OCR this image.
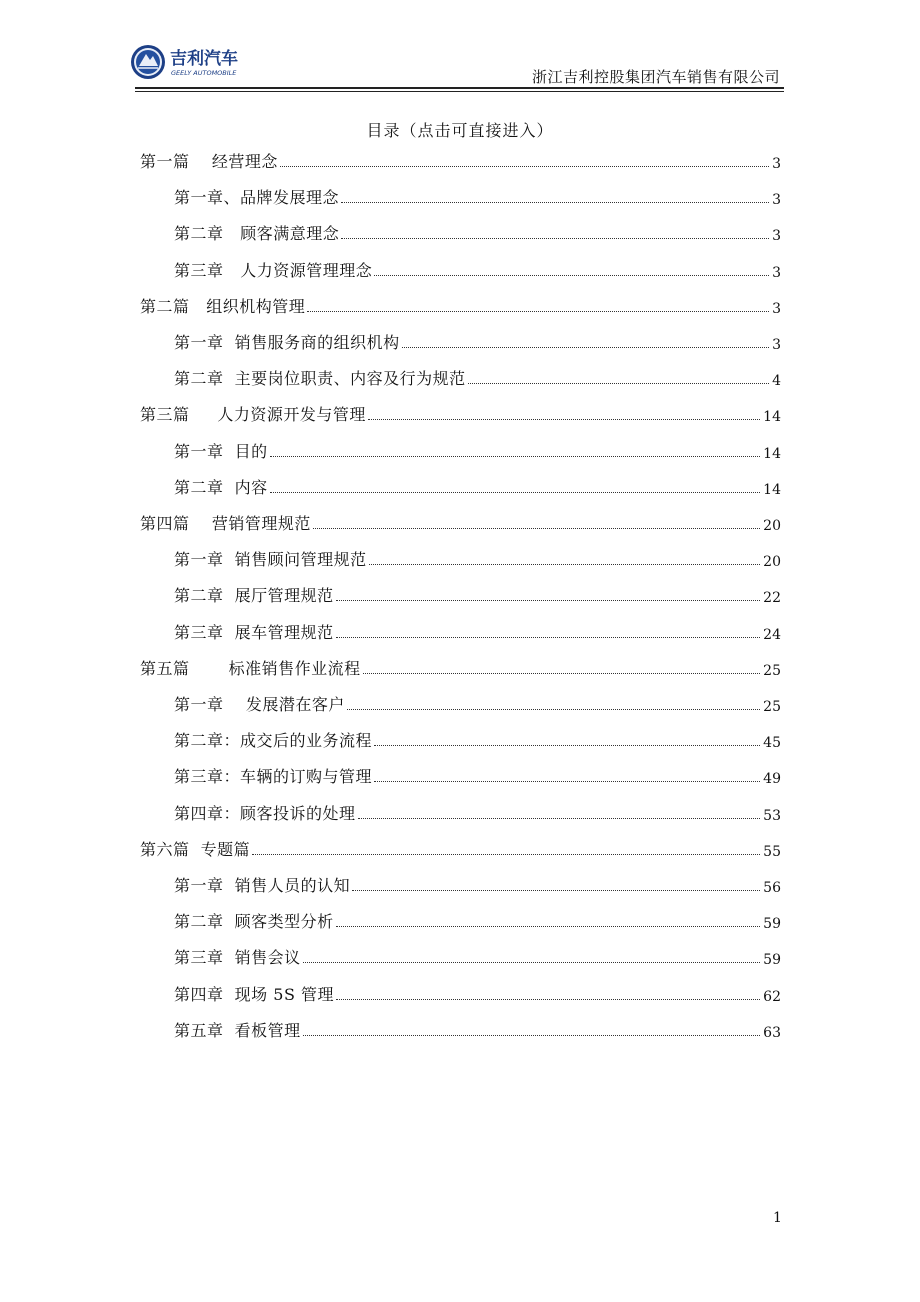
吉利汽车
GEELY AUTOMOBILE	浙江吉利控股集团汽车销售有限公司
目录（点击可直接进入）
第一篇    经营理念	3
第一章、品牌发展理念	3
第二章   顾客满意理念	3
第三章   人力资源管理理念	3
第二篇   组织机构管理	3
第一章  销售服务商的组织机构	3
第二章  主要岗位职责、内容及行为规范	4
第三篇     人力资源开发与管理	14
第一章  目的	14
第二章  内容	14
第四篇    营销管理规范	20
第一章  销售顾问管理规范	20
第二章  展厅管理规范	22
第三章  展车管理规范	24
第五篇       标准销售作业流程	25
第一章    发展潜在客户	25
第二章：成交后的业务流程	45
第三章：车辆的订购与管理	49
第四章：顾客投诉的处理	53
第六篇  专题篇	55
第一章  销售人员的认知	56
第二章  顾客类型分析	59
第三章  销售会议	59
第四章  现场 5S 管理	62
第五章  看板管理	63
1
